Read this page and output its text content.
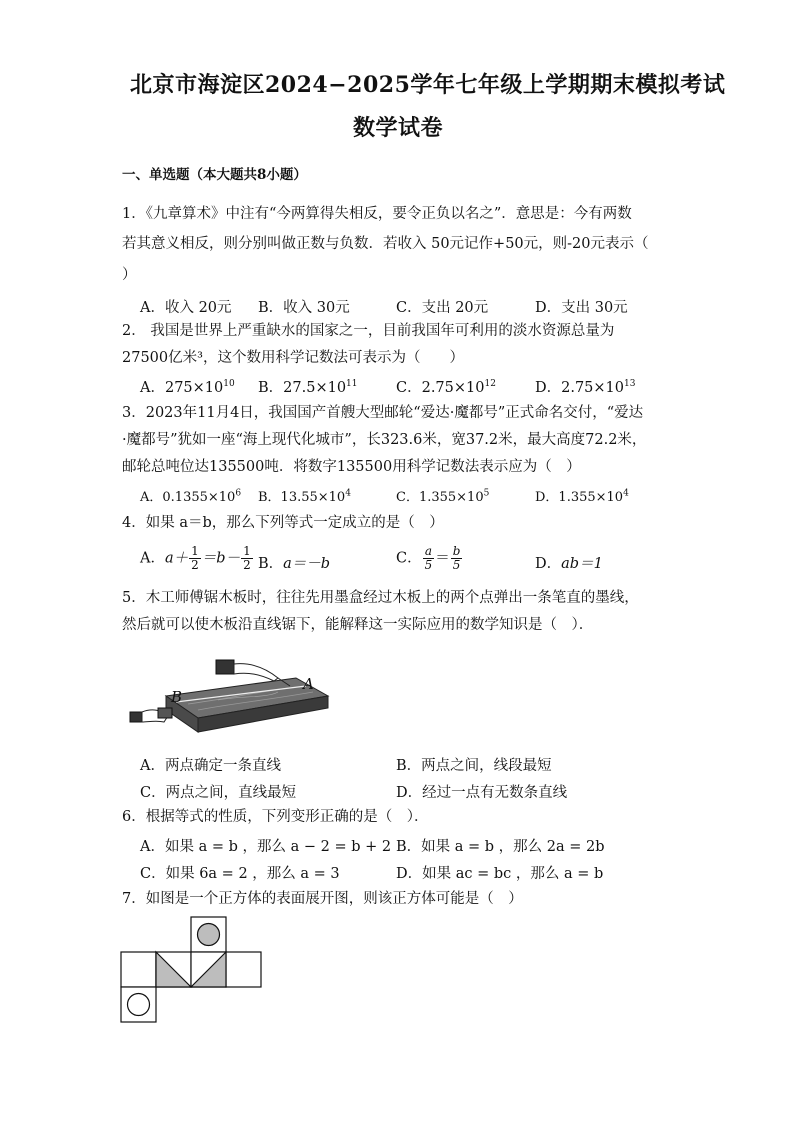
北京市海淀区2024−2025学年七年级上学期期末模拟考试
数学试卷
一、单选题（本大题共8小题）
1．《九章算术》中注有“今两算得失相反，要令正负以名之”．意思是：今有两数
若其意义相反，则分别叫做正数与负数．若收入 50元记作+50元，则-20元表示（
）
A．收入 20元 B．收入 30元	C．支出 20元	D．支出 30元
2． 我国是世界上严重缺水的国家之一，目前我国年可利用的淡水资源总量为
27500亿米³，这个数用科学记数法可表示为（　　）
A．$275\times 10^{10}$ B．$27.5\times 10^{11}$	C．$2.75\times 10^{12}$	D．$2.75\times 10^{13}$
3．2023年11月4日，我国国产首艘大型邮轮“爱达·魔都号”正式命名交付，“爱达
·魔都号”犹如一座“海上现代化城市”，长323.6米，宽37.2米，最大高度72.2米，
邮轮总吨位达135500吨．将数字135500用科学记数法表示应为（　）
A．$0.1355\times 10^6$ B．$13.55\times 10^4$	C．$1.355\times 10^5$	D．$1.355\times 10^4$
4．如果 a＝b，那么下列等式一定成立的是（　）
A．$a+ \frac{1}{2} =b- \frac{1}{2}$ B．a＝－b	C． $\frac{a}{5} = \frac{b}{5}$	D．ab＝1
5．木工师傅锯木板时，往往先用墨盒经过木板上的两个点弹出一条笔直的墨线，
然后就可以使木板沿直线锯下，能解释这一实际应用的数学知识是（　）．
B
A
A．两点确定一条直线	B．两点之间，线段最短
C．两点之间，直线最短	D．经过一点有无数条直线
6．根据等式的性质，下列变形正确的是（　）．
A．如果 a = b ，那么 a − 2 = b + 2 B．如果 a = b ，那么 2a = 2b
C．如果 6a = 2 ，那么 a = 3	D．如果 ac = bc ，那么 a = b
7．如图是一个正方体的表面展开图，则该正方体可能是（　）
